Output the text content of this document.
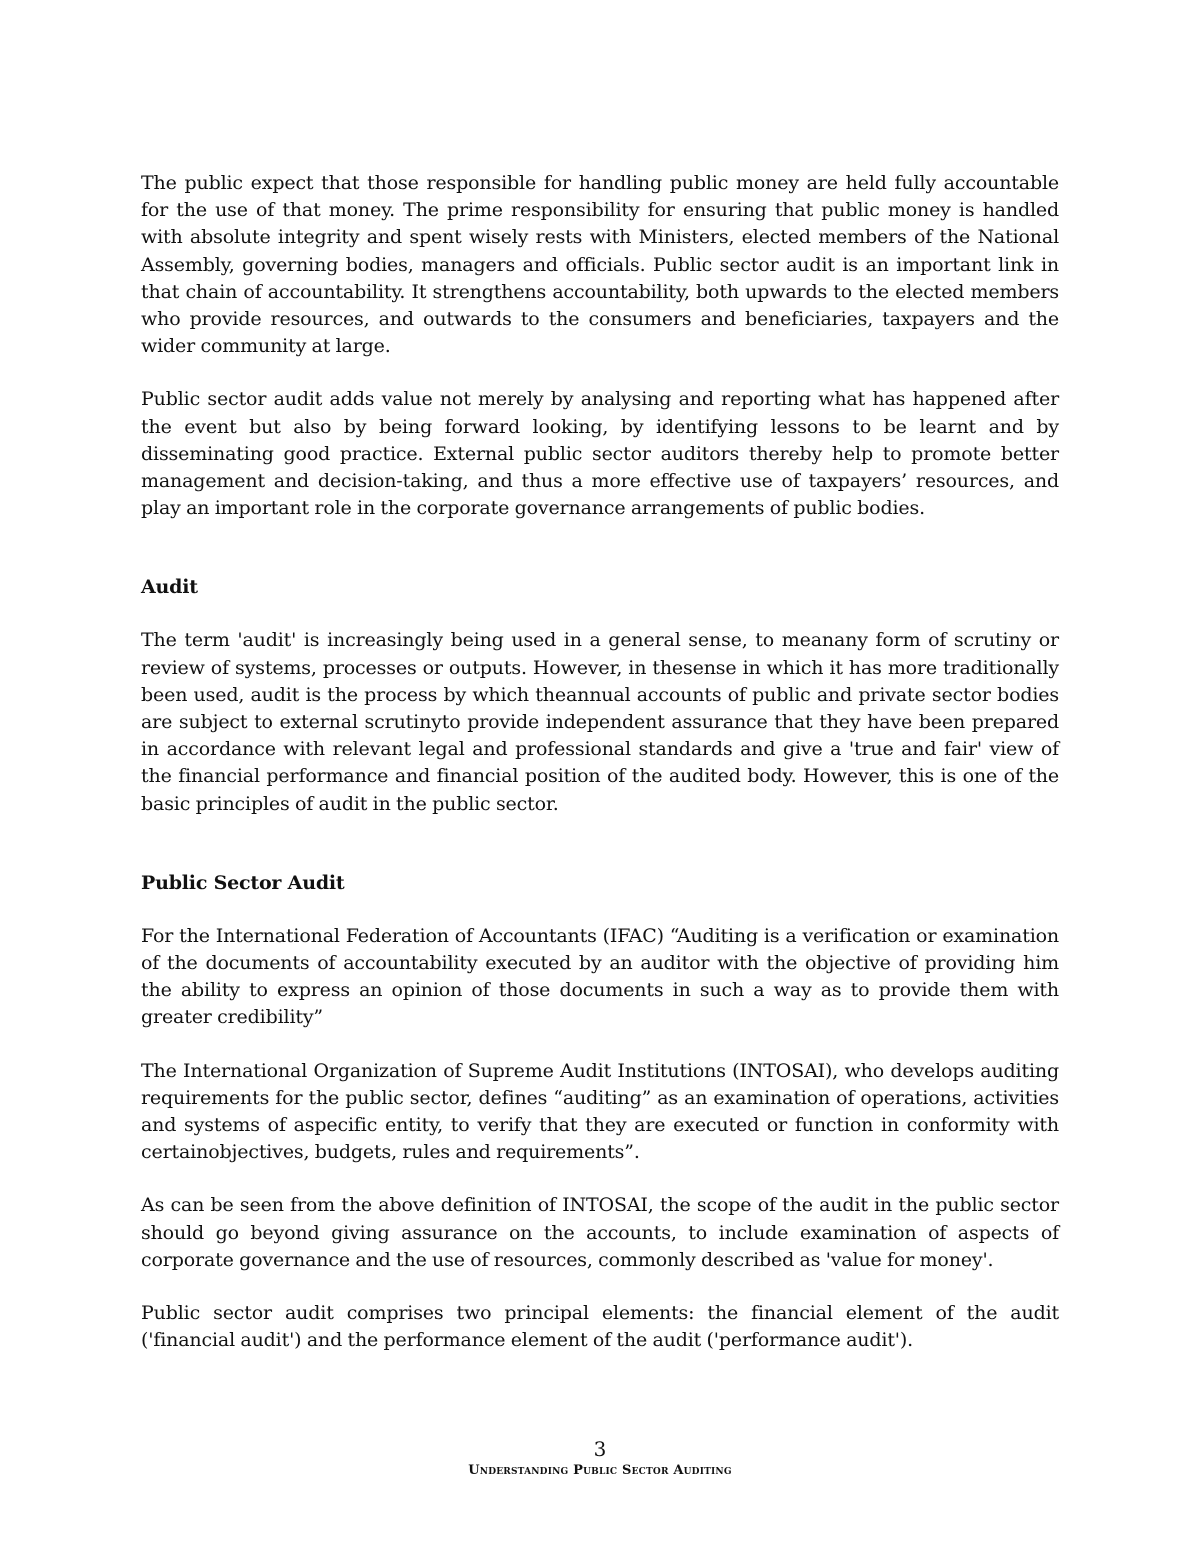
The public expect that those responsible for handling public money are held fully accountable for the use of that money. The prime responsibility for ensuring that public money is handled with absolute integrity and spent wisely rests with Ministers, elected members of the National Assembly, governing bodies, managers and officials. Public sector audit is an important link in that chain of accountability. It strengthens accountability, both upwards to the elected members who provide resources, and outwards to the consumers and beneficiaries, taxpayers and the wider community at large.

Public sector audit adds value not merely by analysing and reporting what has happened after the event but also by being forward looking, by identifying lessons to be learnt and by disseminating good practice. External public sector auditors thereby help to promote better management and decision-taking, and thus a more effective use of taxpayers’ resources, and play an important role in the corporate governance arrangements of public bodies.

Audit

The term 'audit' is increasingly being used in a general sense, to meanany form of scrutiny or review of systems, processes or outputs. However, in thesense in which it has more traditionally been used, audit is the process by which theannual accounts of public and private sector bodies are subject to external scrutinyto provide independent assurance that they have been prepared in accordance with relevant legal and professional standards and give a 'true and fair' view of the financial performance and financial position of the audited body. However, this is one of the basic principles of audit in the public sector.

Public Sector Audit

For the International Federation of Accountants (IFAC) “Auditing is a verification or examination of the documents of accountability executed by an auditor with the objective of providing him the ability to express an opinion of those documents in such a way as to provide them with greater credibility”

The International Organization of Supreme Audit Institutions (INTOSAI), who develops auditing requirements for the public sector, defines “auditing” as an examination of operations, activities and systems of aspecific entity, to verify that they are executed or function in conformity with certainobjectives, budgets, rules and requirements”.

As can be seen from the above definition of INTOSAI, the scope of the audit in the public sector should go beyond giving assurance on the accounts, to include examination of aspects of corporate governance and the use of resources, commonly described as 'value for money'.

Public sector audit comprises two principal elements: the financial element of the audit ('financial audit') and the performance element of the audit ('performance audit').

3
Understanding Public Sector Auditing
